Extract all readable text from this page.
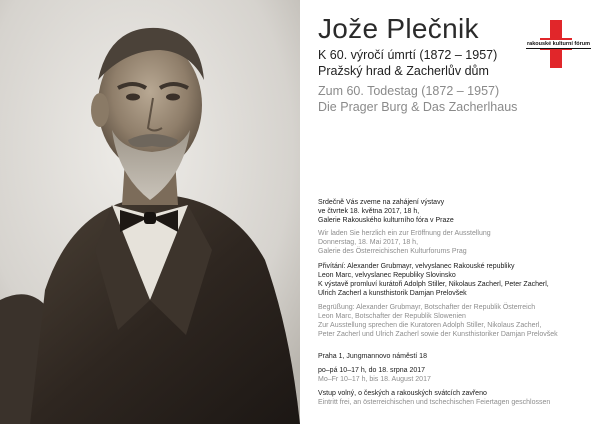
Jože Plečnik
K 60. výročí úmrtí (1872 – 1957)
Pražský hrad & Zacherlův dům
Zum 60. Todestag (1872 – 1957)
Die Prager Burg & Das Zacherlhaus
rakouské kulturní fórum
Srdečně Vás zveme na zahájení výstavy
ve čtvrtek 18. května 2017, 18 h,
Galerie Rakouského kulturního fóra v Praze
Wir laden Sie herzlich ein zur Eröffnung der Ausstellung
Donnerstag, 18. Mai 2017, 18 h,
Galerie des Österreichischen Kulturforums Prag
Přivítání: Alexander Grubmayr, velvyslanec Rakouské republiky
Leon Marc, velvyslanec Republiky Slovinsko
K výstavě promluví kurátoři Adolph Stiller, Nikolaus Zacherl, Peter Zacherl,
Ulrich Zacherl a kunsthistorik Damjan Prelovšek
Begrüßung: Alexander Grubmayr, Botschafter der Republik Österreich
Leon Marc, Botschafter der Republik Slowenien
Zur Ausstellung sprechen die Kuratoren Adolph Stiller, Nikolaus Zacherl,
Peter Zacherl und Ulrich Zacherl sowie der Kunsthistoriker Damjan Prelovšek
Praha 1, Jungmannovo náměstí 18
po–pá 10–17 h, do 18. srpna 2017
Mo–Fr 10–17 h, bis 18. August 2017
Vstup volný, o českých a rakouských svátcích zavřeno
Eintritt frei, an österreichischen und tschechischen Feiertagen geschlossen
